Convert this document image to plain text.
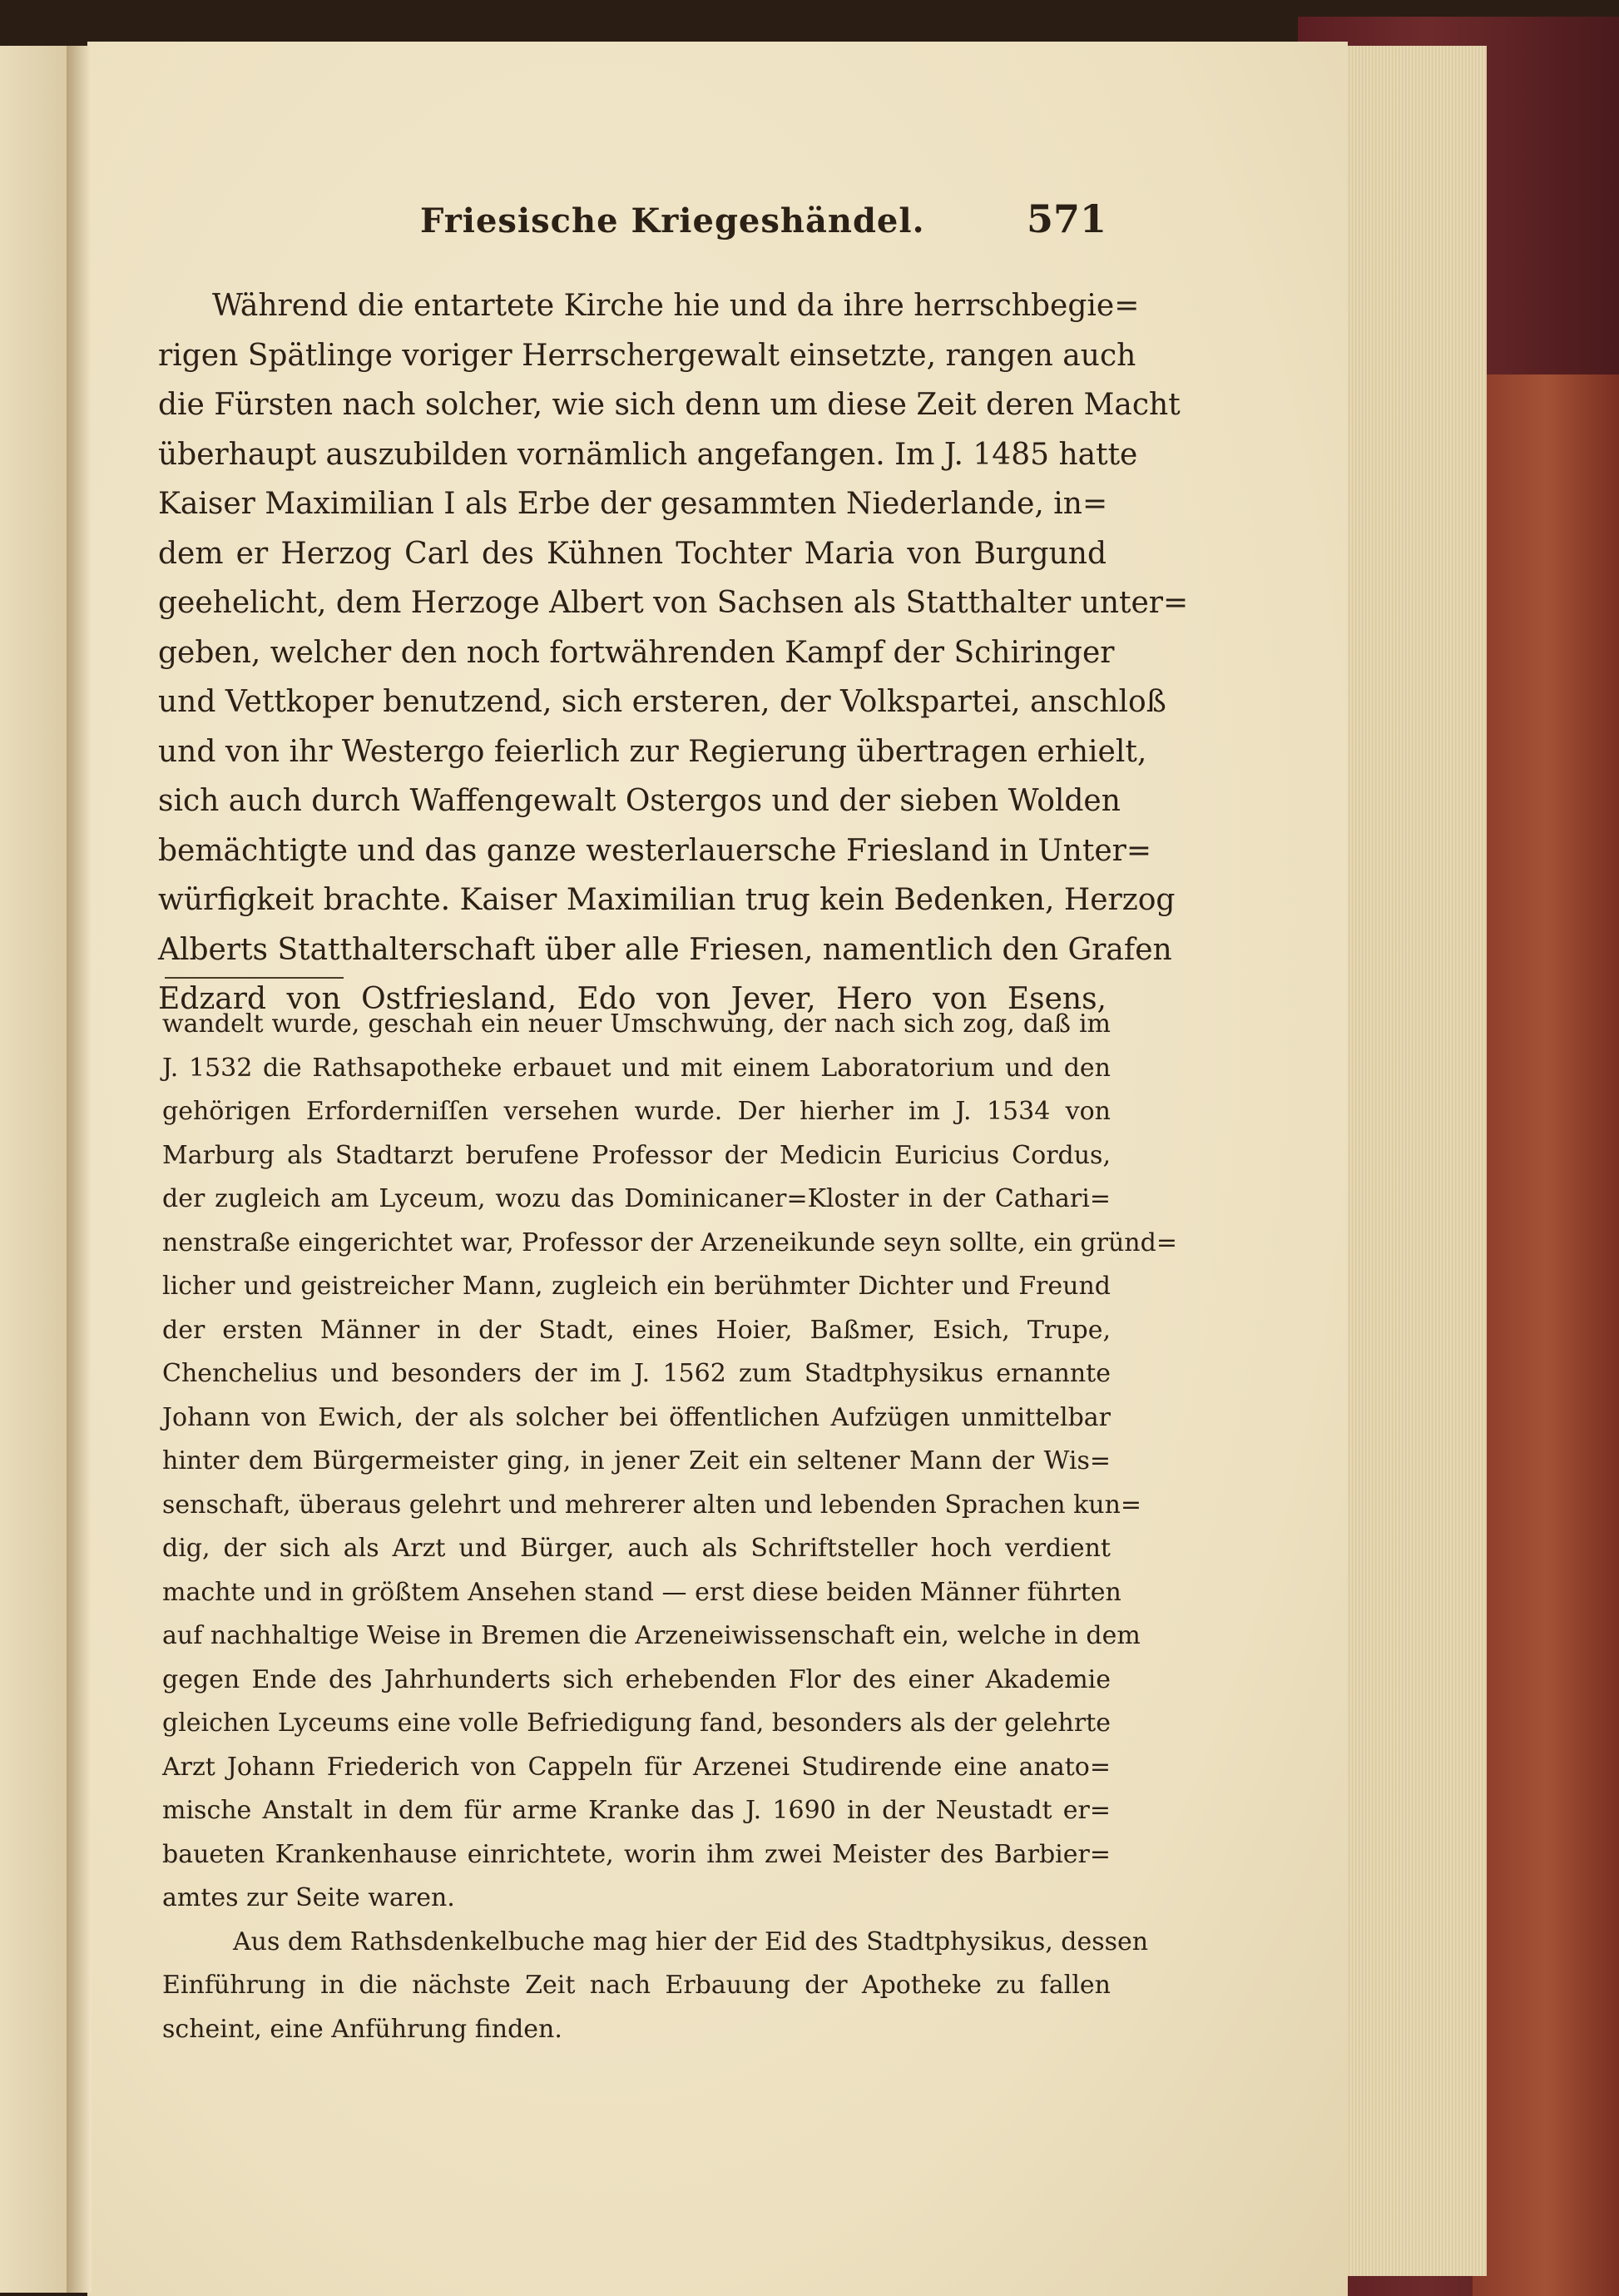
Friesische Kriegeshändel.	571
Während die entartete Kirche hie und da ihre herrschbegie=
rigen Spätlinge voriger Herrschergewalt einsetzte, rangen auch
die Fürsten nach solcher, wie sich denn um diese Zeit deren Macht
überhaupt auszubilden vornämlich angefangen. Im J. 1485 hatte
Kaiser Maximilian I als Erbe der gesammten Niederlande, in=
dem er Herzog Carl des Kühnen Tochter Maria von Burgund
geehelicht, dem Herzoge Albert von Sachsen als Statthalter unter=
geben, welcher den noch fortwährenden Kampf der Schiringer
und Vettkoper benutzend, sich ersteren, der Volkspartei, anschloß
und von ihr Westergo feierlich zur Regierung übertragen erhielt,
sich auch durch Waffengewalt Ostergos und der sieben Wolden
bemächtigte und das ganze westerlauersche Friesland in Unter=
würfigkeit brachte. Kaiser Maximilian trug kein Bedenken, Herzog
Alberts Statthalterschaft über alle Friesen, namentlich den Grafen
Edzard von Ostfriesland, Edo von Jever, Hero von Esens,
wandelt wurde, geschah ein neuer Umschwung, der nach sich zog, daß im
J. 1532 die Rathsapotheke erbauet und mit einem Laboratorium und den
gehörigen Erforderniſſen versehen wurde. Der hierher im J. 1534 von
Marburg als Stadtarzt berufene Professor der Medicin Euricius Cordus,
der zugleich am Lyceum, wozu das Dominicaner=Kloster in der Cathari=
nenstraße eingerichtet war, Professor der Arzeneikunde seyn sollte, ein gründ=
licher und geistreicher Mann, zugleich ein berühmter Dichter und Freund
der ersten Männer in der Stadt, eines Hoier, Baßmer, Esich, Trupe,
Chenchelius und besonders der im J. 1562 zum Stadtphysikus ernannte
Johann von Ewich, der als solcher bei öffentlichen Aufzügen unmittelbar
hinter dem Bürgermeister ging, in jener Zeit ein seltener Mann der Wis=
senschaft, überaus gelehrt und mehrerer alten und lebenden Sprachen kun=
dig, der sich als Arzt und Bürger, auch als Schriftsteller hoch verdient
machte und in größtem Ansehen stand — erst diese beiden Männer führten
auf nachhaltige Weise in Bremen die Arzeneiwissenschaft ein, welche in dem
gegen Ende des Jahrhunderts sich erhebenden Flor des einer Akademie
gleichen Lyceums eine volle Befriedigung fand, besonders als der gelehrte
Arzt Johann Friederich von Cappeln für Arzenei Studirende eine anato=
mische Anstalt in dem für arme Kranke das J. 1690 in der Neustadt er=
baueten Krankenhause einrichtete, worin ihm zwei Meister des Barbier=
amtes zur Seite waren.
Aus dem Rathsdenkelbuche mag hier der Eid des Stadtphysikus, dessen
Einführung in die nächste Zeit nach Erbauung der Apotheke zu fallen
scheint, eine Anführung finden.
